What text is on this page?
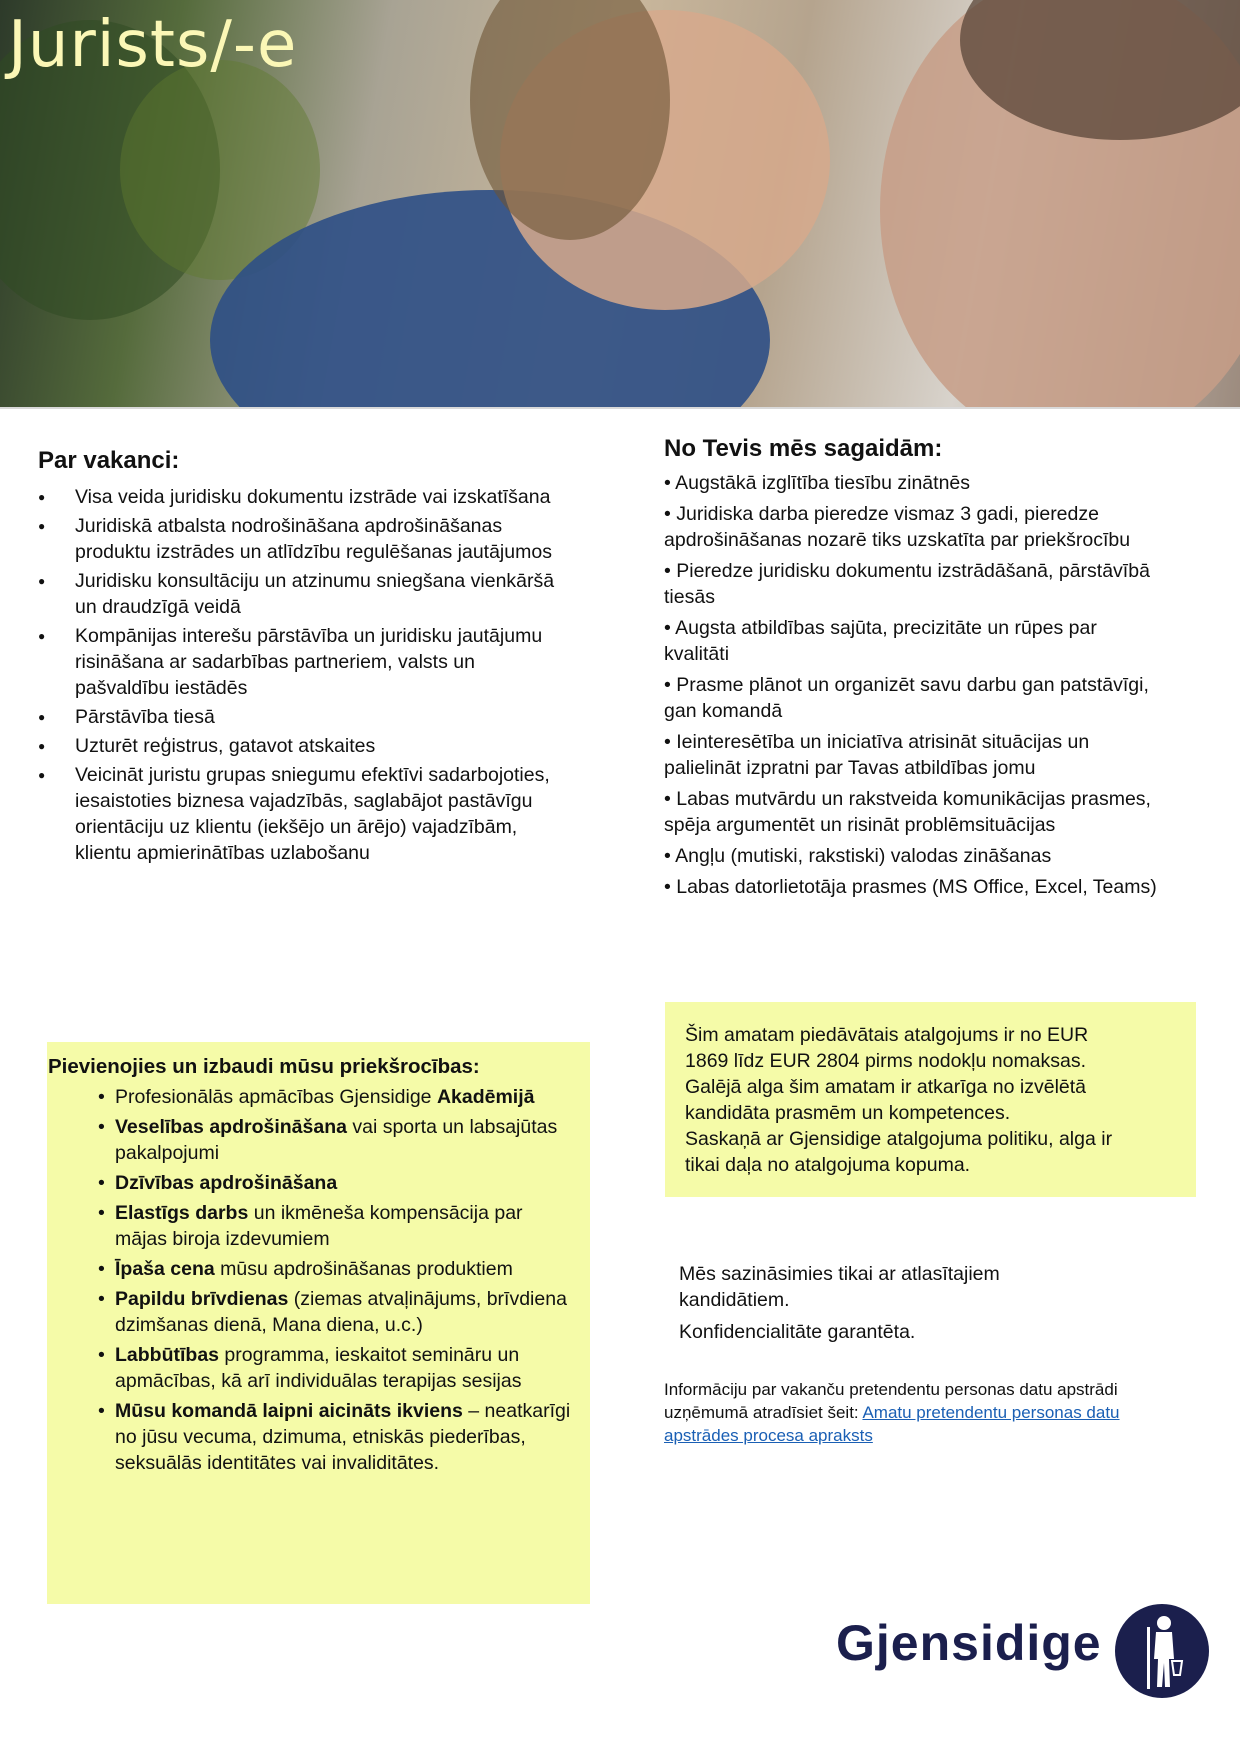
Jurists/-e
Par vakanci:
● Visa veida juridisku dokumentu izstrāde vai izskatīšana
● Juridiskā atbalsta nodrošināšana apdrošināšanas produktu izstrādes un atlīdzību regulēšanas jautājumos
● Juridisku konsultāciju un atzinumu sniegšana vienkāršā un draudzīgā veidā
● Kompānijas interešu pārstāvība un juridisku jautājumu risināšana ar sadarbības partneriem, valsts un pašvaldību iestādēs
● Pārstāvība tiesā
● Uzturēt reģistrus, gatavot atskaites
● Veicināt juristu grupas sniegumu efektīvi sadarbojoties, iesaistoties biznesa vajadzībās, saglabājot pastāvīgu orientāciju uz klientu (iekšējo un ārējo) vajadzībām, klientu apmierinātības uzlabošanu
No Tevis mēs sagaidām:
• Augstākā izglītība tiesību zinātnēs
• Juridiska darba pieredze vismaz 3 gadi, pieredze apdrošināšanas nozarē tiks uzskatīta par priekšrocību
• Pieredze juridisku dokumentu izstrādāšanā, pārstāvībā tiesās
• Augsta atbildības sajūta, precizitāte un rūpes par kvalitāti
• Prasme plānot un organizēt savu darbu gan patstāvīgi, gan komandā
• Ieinteresētība un iniciatīva atrisināt situācijas un palielināt izpratni par Tavas atbildības jomu
• Labas mutvārdu un rakstveida komunikācijas prasmes, spēja argumentēt un risināt problēmsituācijas
• Angļu (mutiski, rakstiski) valodas zināšanas
• Labas datorlietotāja prasmes (MS Office, Excel, Teams)
Pievienojies un izbaudi mūsu priekšrocības:
• Profesionālās apmācības Gjensidige Akadēmijā
• Veselības apdrošināšana vai sporta un labsajūtas pakalpojumi
• Dzīvības apdrošināšana
• Elastīgs darbs un ikmēneša kompensācija par mājas biroja izdevumiem
• Īpaša cena mūsu apdrošināšanas produktiem
• Papildu brīvdienas (ziemas atvaļinājums, brīvdiena dzimšanas dienā, Mana diena, u.c.)
• Labbūtības programma, ieskaitot semināru un apmācības, kā arī individuālas terapijas sesijas
• Mūsu komandā laipni aicināts ikviens – neatkarīgi no jūsu vecuma, dzimuma, etniskās piederības, seksuālās identitātes vai invaliditātes.
Šim amatam piedāvātais atalgojums ir no EUR 1869 līdz EUR 2804 pirms nodokļu nomaksas. Galējā alga šim amatam ir atkarīga no izvēlētā kandidāta prasmēm un kompetences.
Saskaņā ar Gjensidige atalgojuma politiku, alga ir tikai daļa no atalgojuma kopuma.
Mēs sazināsimies tikai ar atlasītajiem kandidātiem.
Konfidencialitāte garantēta.
Informāciju par vakanču pretendentu personas datu apstrādi uzņēmumā atradīsiet šeit: Amatu pretendentu personas datu apstrādes procesa apraksts
Gjensidige
